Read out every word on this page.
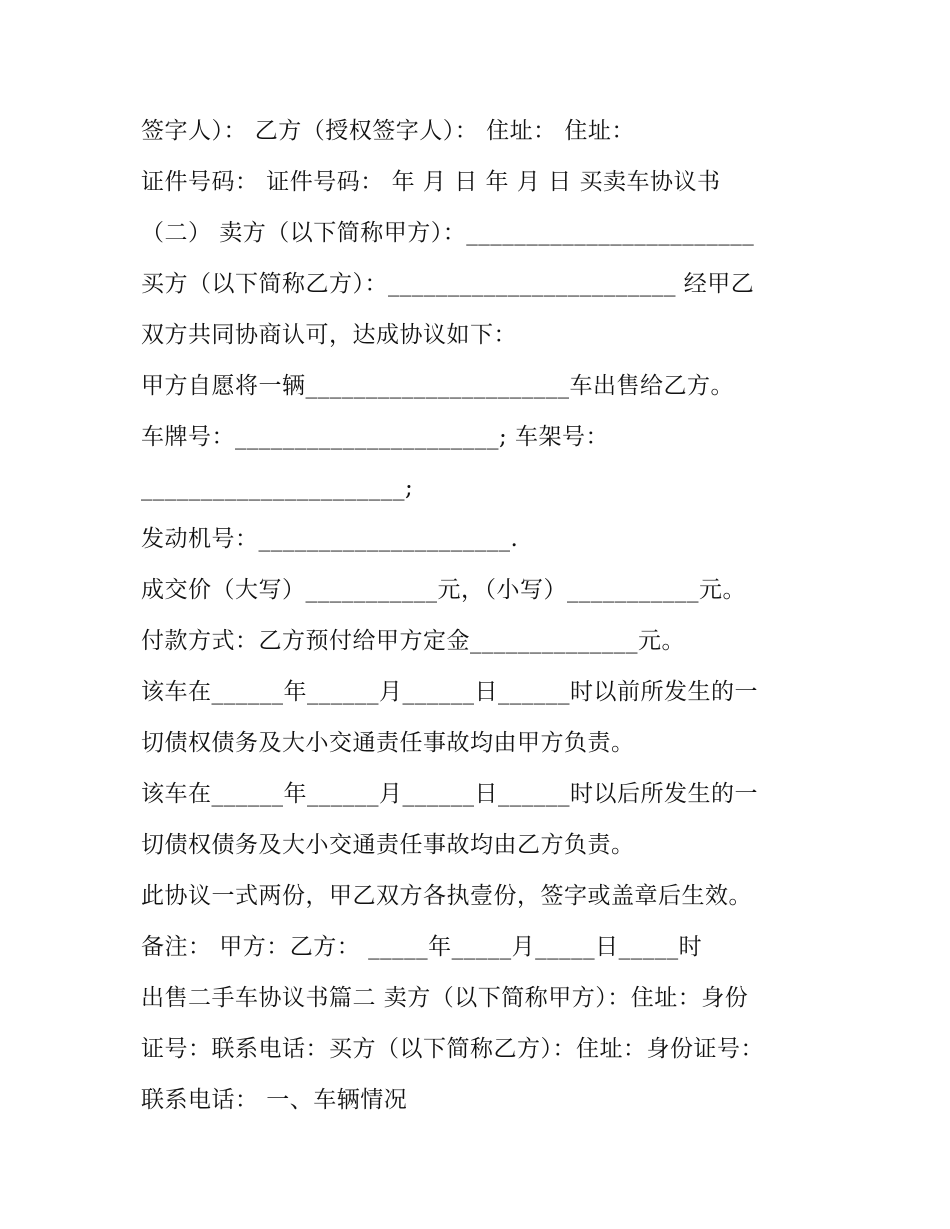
签字人）： 乙方（授权签字人）： 住址： 住址：
证件号码： 证件号码： 年 月 日 年 月 日 买卖车协议书
（二） 卖方（以下简称甲方）：________________________
买方（以下简称乙方）：________________________ 经甲乙
双方共同协商认可，达成协议如下：
甲方自愿将一辆______________________车出售给乙方。
车牌号：______________________; 车架号：
______________________;
发动机号：_____________________.
成交价（大写）___________元，（小写）___________元。
付款方式：乙方预付给甲方定金______________元。
该车在______年______月______日______时以前所发生的一
切债权债务及大小交通责任事故均由甲方负责。
该车在______年______月______日______时以后所发生的一
切债权债务及大小交通责任事故均由乙方负责。
此协议一式两份，甲乙双方各执壹份，签字或盖章后生效。
备注： 甲方：乙方： _____年_____月_____日_____时
出售二手车协议书篇二 卖方（以下简称甲方）：住址：身份
证号：联系电话：买方（以下简称乙方）：住址：身份证号：
联系电话： 一、车辆情况
